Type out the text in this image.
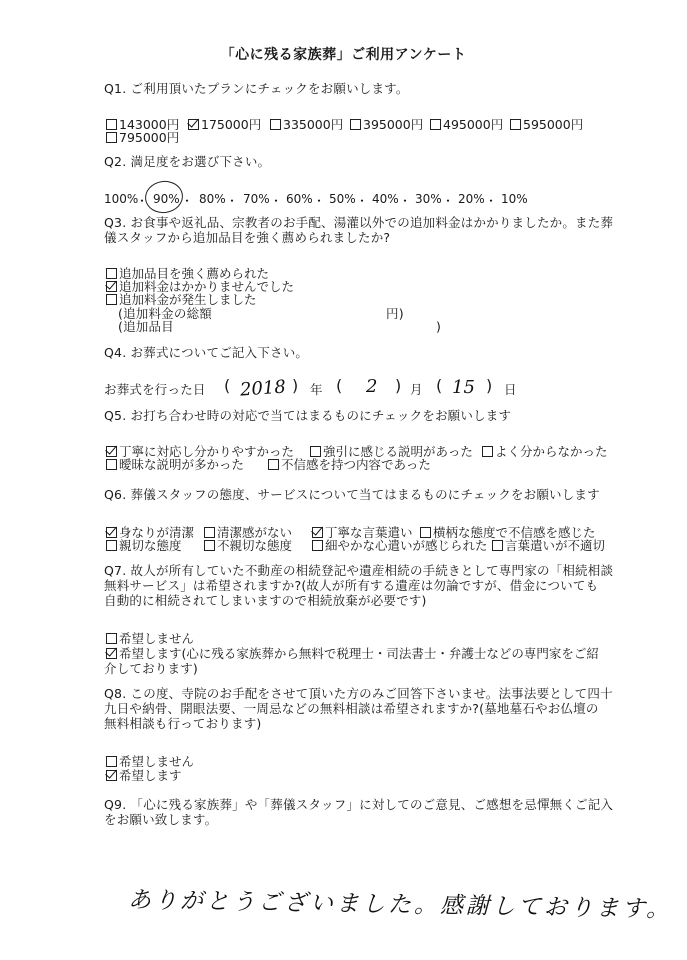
「心に残る家族葬」ご利用アンケート
Q1. ご利用頂いたプランにチェックをお願いします。
143000円 175000円 335000円 395000円 495000円 595000円
795000円
Q2. 満足度をお選び下さい。
100%
・ 90% ・ 80% ・ 70% ・ 60% ・ 50% ・ 40% ・ 30% ・ 20% ・ 10%
Q3. お食事や返礼品、宗教者のお手配、湯灌以外での追加料金はかかりましたか。また葬
儀スタッフから追加品目を強く薦められましたか?
追加品目を強く薦められた
追加料金はかかりませんでした
追加料金が発生しました
(追加料金の総額	円)
(追加品目	)
Q4. お葬式についてご記入下さい。
お葬式を行った日 ( 2018 ) 年 ( 2 ) 月 ( 15 ) 日
Q5. お打ち合わせ時の対応で当てはまるものにチェックをお願いします
丁寧に対応し分かりやすかった 強引に感じる説明があった よく分からなかった
曖昧な説明が多かった	不信感を持つ内容であった
Q6. 葬儀スタッフの態度、サービスについて当てはまるものにチェックをお願いします
身なりが清潔 清潔感がない	丁寧な言葉遣い 横柄な態度で不信感を感じた
親切な態度	不親切な態度	細やかな心遣いが感じられた 言葉遣いが不適切
Q7. 故人が所有していた不動産の相続登記や遺産相続の手続きとして専門家の「相続相談
無料サービス」は希望されますか?(故人が所有する遺産は勿論ですが、借金についても
自動的に相続されてしまいますので相続放棄が必要です)
希望しません
希望します(心に残る家族葬から無料で税理士・司法書士・弁護士などの専門家をご紹
介しております)
Q8. この度、寺院のお手配をさせて頂いた方のみご回答下さいませ。法事法要として四十
九日や納骨、開眼法要、一周忌などの無料相談は希望されますか?(墓地墓石やお仏壇の
無料相談も行っております)
希望しません
希望します
Q9. 「心に残る家族葬」や「葬儀スタッフ」に対してのご意見、ご感想を忌憚無くご記入
をお願い致します。
ありがとうございました。感謝しております。
